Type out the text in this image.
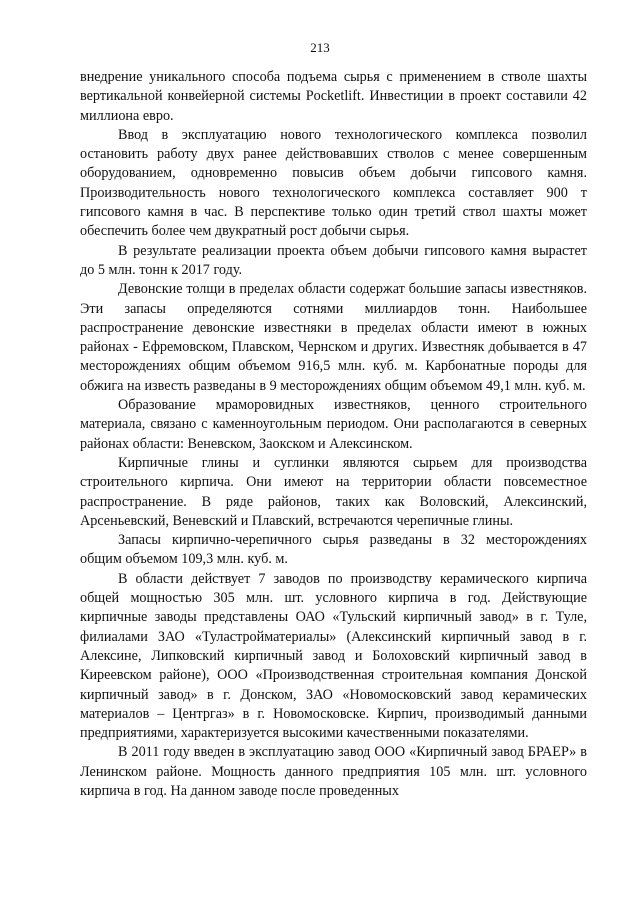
213

внедрение уникального способа подъема сырья с применением в стволе шахты вертикальной конвейерной системы Pocketlift. Инвестиции в проект составили 42 миллиона евро.

Ввод в эксплуатацию нового технологического комплекса позволил остановить работу двух ранее действовавших стволов с менее совершенным оборудованием, одновременно повысив объем добычи гипсового камня. Производительность нового технологического комплекса составляет 900 т гипсового камня в час. В перспективе только один третий ствол шахты может обеспечить более чем двукратный рост добычи сырья.

В результате реализации проекта объем добычи гипсового камня вырастет до 5 млн. тонн к 2017 году.

Девонские толщи в пределах области содержат большие запасы известняков. Эти запасы определяются сотнями миллиардов тонн. Наибольшее распространение девонские известняки в пределах области имеют в южных районах - Ефремовском, Плавском, Чернском и других. Известняк добывается в 47 месторождениях общим объемом 916,5 млн. куб. м. Карбонатные породы для обжига на известь разведаны в 9 месторождениях общим объемом 49,1 млн. куб. м.

Образование мраморовидных известняков, ценного строительного материала, связано с каменноугольным периодом. Они располагаются в северных районах области: Веневском, Заокском и Алексинском.

Кирпичные глины и суглинки являются сырьем для производства строительного кирпича. Они имеют на территории области повсеместное распространение. В ряде районов, таких как Воловский, Алексинский, Арсеньевский, Веневский и Плавский, встречаются черепичные глины.

Запасы кирпично-черепичного сырья разведаны в 32 месторождениях общим объемом 109,3 млн. куб. м.

В области действует 7 заводов по производству керамического кирпича общей мощностью 305 млн. шт. условного кирпича в год. Действующие кирпичные заводы представлены ОАО «Тульский кирпичный завод» в г. Туле, филиалами ЗАО «Туластройматериалы» (Алексинский кирпичный завод в г. Алексине, Липковский кирпичный завод и Болоховский кирпичный завод в Киреевском районе), ООО «Производственная строительная компания Донской кирпичный завод» в г. Донском, ЗАО «Новомосковский завод керамических материалов – Центргаз» в г. Новомосковске. Кирпич, производимый данными предприятиями, характеризуется высокими качественными показателями.

В 2011 году введен в эксплуатацию завод ООО «Кирпичный завод БРАЕР» в Ленинском районе. Мощность данного предприятия 105 млн. шт. условного кирпича в год. На данном заводе после проведенных
